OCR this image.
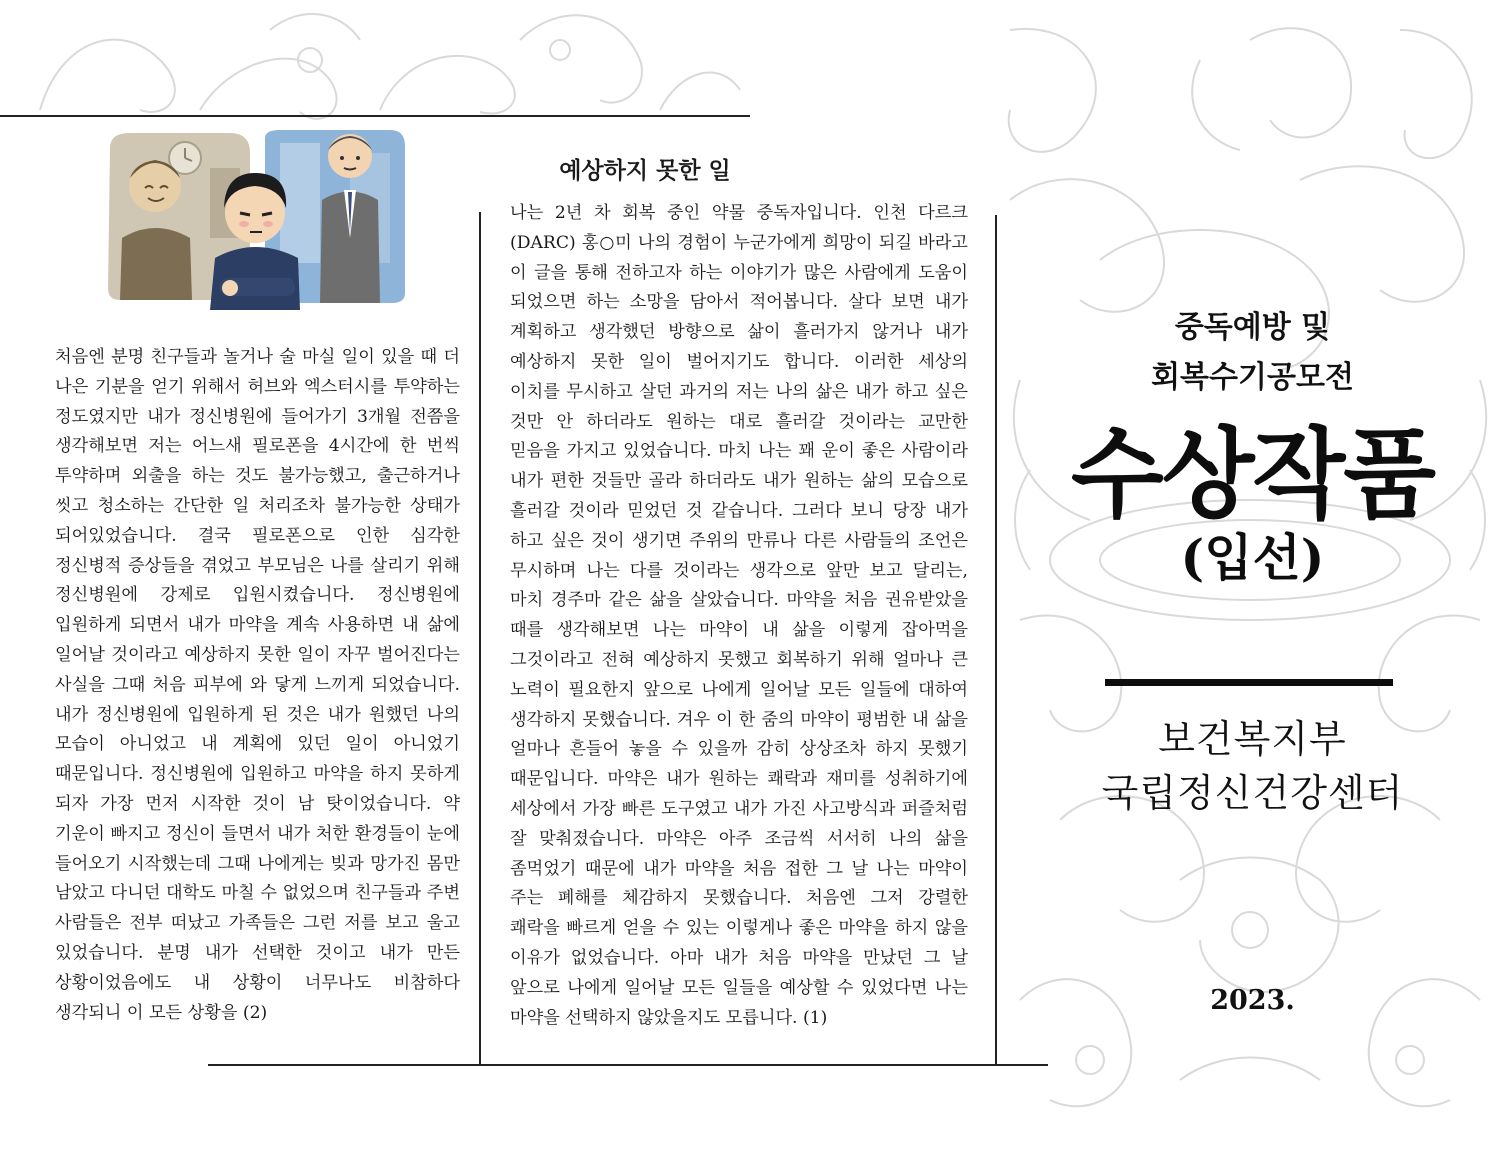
처음엔 분명 친구들과 놀거나 술 마실 일이 있을 때 더 나은 기분을 얻기 위해서 허브와 엑스터시를 투약하는 정도였지만 내가 정신병원에 들어가기 3개월 전쯤을 생각해보면 저는 어느새 필로폰을 4시간에 한 번씩 투약하며 외출을 하는 것도 불가능했고, 출근하거나 씻고 청소하는 간단한 일 처리조차 불가능한 상태가 되어있었습니다. 결국 필로폰으로 인한 심각한 정신병적 증상들을 겪었고 부모님은 나를 살리기 위해 정신병원에 강제로 입원시켰습니다. 정신병원에 입원하게 되면서 내가 마약을 계속 사용하면 내 삶에 일어날 것이라고 예상하지 못한 일이 자꾸 벌어진다는 사실을 그때 처음 피부에 와 닿게 느끼게 되었습니다. 내가 정신병원에 입원하게 된 것은 내가 원했던 나의 모습이 아니었고 내 계획에 있던 일이 아니었기 때문입니다. 정신병원에 입원하고 마약을 하지 못하게 되자 가장 먼저 시작한 것이 남 탓이었습니다. 약 기운이 빠지고 정신이 들면서 내가 처한 환경들이 눈에 들어오기 시작했는데 그때 나에게는 빚과 망가진 몸만 남았고 다니던 대학도 마칠 수 없었으며 친구들과 주변 사람들은 전부 떠났고 가족들은 그런 저를 보고 울고 있었습니다. 분명 내가 선택한 것이고 내가 만든 상황이었음에도 내 상황이 너무나도 비참하다 생각되니 이 모든 상황을 (2)
예상하지 못한 일
나는 2년 차 회복 중인 약물 중독자입니다. 인천 다르크(DARC) 홍○미 나의 경험이 누군가에게 희망이 되길 바라고 이 글을 통해 전하고자 하는 이야기가 많은 사람에게 도움이 되었으면 하는 소망을 담아서 적어봅니다. 살다 보면 내가 계획하고 생각했던 방향으로 삶이 흘러가지 않거나 내가 예상하지 못한 일이 벌어지기도 합니다. 이러한 세상의 이치를 무시하고 살던 과거의 저는 나의 삶은 내가 하고 싶은 것만 안 하더라도 원하는 대로 흘러갈 것이라는 교만한 믿음을 가지고 있었습니다. 마치 나는 꽤 운이 좋은 사람이라 내가 편한 것들만 골라 하더라도 내가 원하는 삶의 모습으로 흘러갈 것이라 믿었던 것 같습니다. 그러다 보니 당장 내가 하고 싶은 것이 생기면 주위의 만류나 다른 사람들의 조언은 무시하며 나는 다를 것이라는 생각으로 앞만 보고 달리는, 마치 경주마 같은 삶을 살았습니다. 마약을 처음 권유받았을 때를 생각해보면 나는 마약이 내 삶을 이렇게 잡아먹을 그것이라고 전혀 예상하지 못했고 회복하기 위해 얼마나 큰 노력이 필요한지 앞으로 나에게 일어날 모든 일들에 대하여 생각하지 못했습니다. 겨우 이 한 줌의 마약이 평범한 내 삶을 얼마나 흔들어 놓을 수 있을까 감히 상상조차 하지 못했기 때문입니다. 마약은 내가 원하는 쾌락과 재미를 성취하기에 세상에서 가장 빠른 도구였고 내가 가진 사고방식과 퍼즐처럼 잘 맞춰졌습니다. 마약은 아주 조금씩 서서히 나의 삶을 좀먹었기 때문에 내가 마약을 처음 접한 그 날 나는 마약이 주는 폐해를 체감하지 못했습니다. 처음엔 그저 강렬한 쾌락을 빠르게 얻을 수 있는 이렇게나 좋은 마약을 하지 않을 이유가 없었습니다. 아마 내가 처음 마약을 만났던 그 날 앞으로 나에게 일어날 모든 일들을 예상할 수 있었다면 나는 마약을 선택하지 않았을지도 모릅니다. (1)
중독예방 및
회복수기공모전
수상작품
(입선)
보건복지부
국립정신건강센터
2023.
